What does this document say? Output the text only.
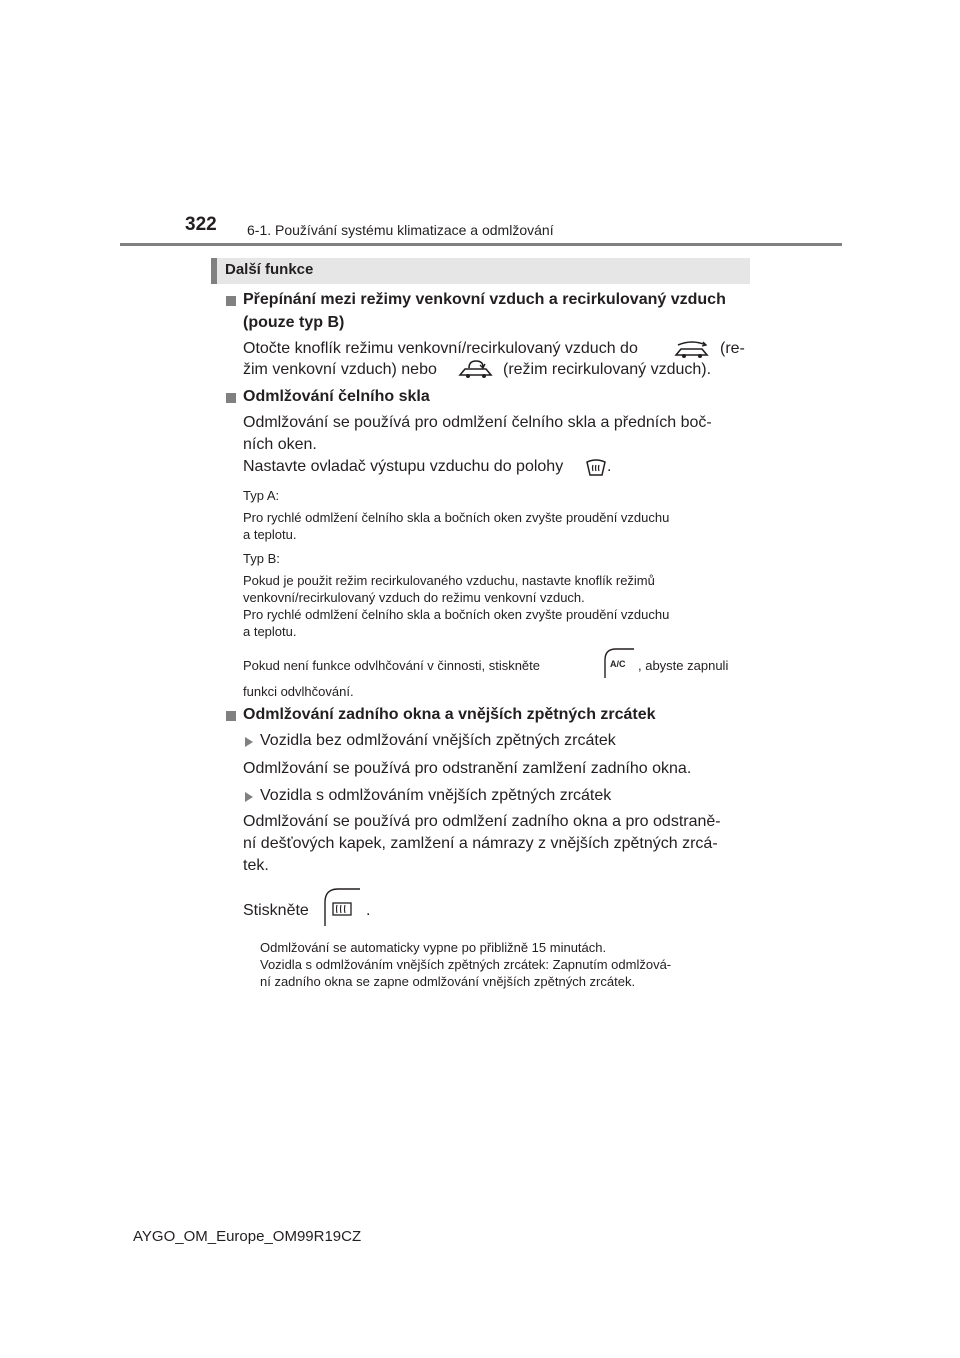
322 6-1. Používání systému klimatizace a odmlžování
Další funkce
Přepínání mezi režimy venkovní vzduch a recirkulovaný vzduch
(pouze typ B)
Otočte knoflík režimu venkovní/recirkulovaný vzduch do	(re-
žim venkovní vzduch) nebo	(režim recirkulovaný vzduch).
Odmlžování čelního skla
Odmlžování se používá pro odmlžení čelního skla a předních boč-
ních oken.
Nastavte ovladač výstupu vzduchu do polohy	.
Typ A:
Pro rychlé odmlžení čelního skla a bočních oken zvyšte proudění vzduchu
a teplotu.
Typ B:
Pokud je použit režim recirkulovaného vzduchu, nastavte knoflík režimů
venkovní/recirkulovaný vzduch do režimu venkovní vzduch.
Pro rychlé odmlžení čelního skla a bočních oken zvyšte proudění vzduchu
a teplotu.
Pokud není funkce odvlhčování v činnosti, stiskněte	A/C , abyste zapnuli
funkci odvlhčování.
Odmlžování zadního okna a vnějších zpětných zrcátek
Vozidla bez odmlžování vnějších zpětných zrcátek
Odmlžování se používá pro odstranění zamlžení zadního okna.
Vozidla s odmlžováním vnějších zpětných zrcátek
Odmlžování se používá pro odmlžení zadního okna a pro odstraně-
ní dešťových kapek, zamlžení a námrazy z vnějších zpětných zrcá-
tek.
Stiskněte	.
Odmlžování se automaticky vypne po přibližně 15 minutách.
Vozidla s odmlžováním vnějších zpětných zrcátek: Zapnutím odmlžová-
ní zadního okna se zapne odmlžování vnějších zpětných zrcátek.
AYGO_OM_Europe_OM99R19CZ
